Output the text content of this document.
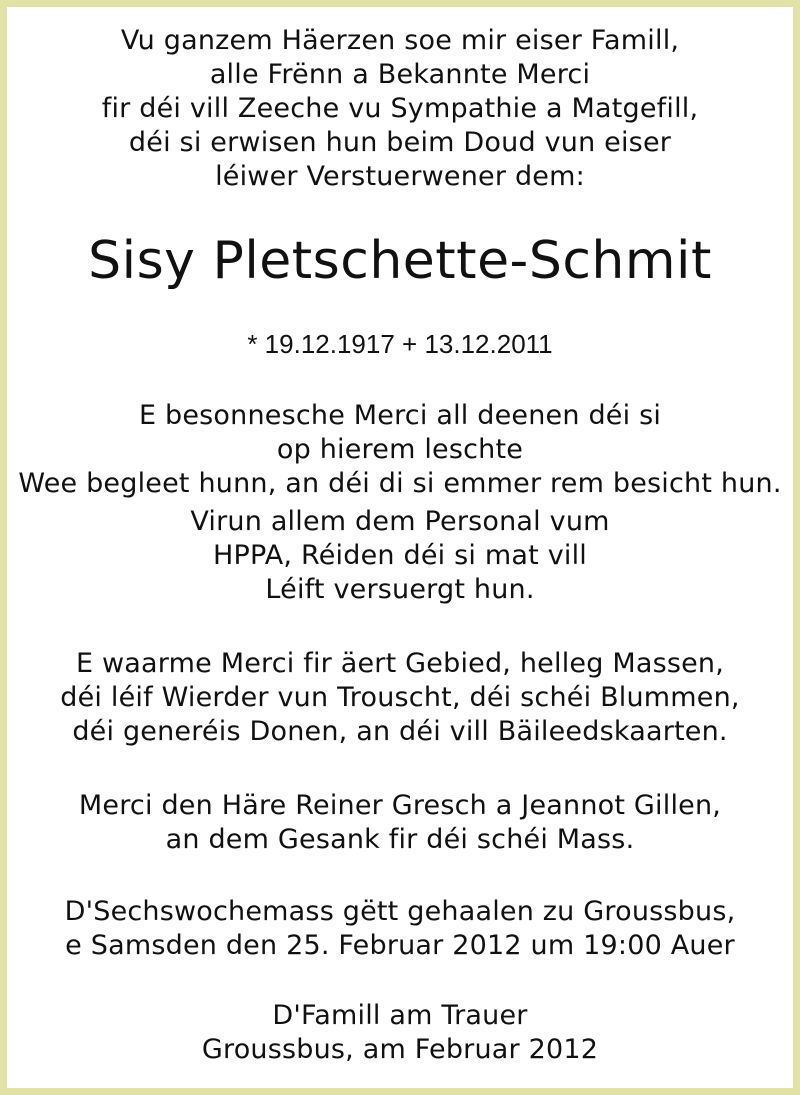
Vu ganzem Häerzen soe mir eiser Famill,
alle Frënn a Bekannte Merci
fir déi vill Zeeche vu Sympathie a Matgefill,
déi si erwisen hun beim Doud vun eiser
léiwer Verstuerwener dem:
Sisy Pletschette-Schmit
* 19.12.1917 + 13.12.2011
E besonnesche Merci all deenen déi si
op hierem leschte
Wee begleet hunn, an déi di si emmer rem besicht hun.
Virun allem dem Personal vum
HPPA, Réiden déi si mat vill
Léift versuergt hun.
E waarme Merci fir äert Gebied, helleg Massen,
déi léif Wierder vun Trouscht, déi schéi Blummen,
déi generéis Donen, an déi vill Bäileedskaarten.
Merci den Häre Reiner Gresch a Jeannot Gillen,
an dem Gesank fir déi schéi Mass.
D'Sechswochemass gëtt gehaalen zu Groussbus,
e Samsden den 25. Februar 2012 um 19:00 Auer
D'Famill am Trauer
Groussbus, am Februar 2012
